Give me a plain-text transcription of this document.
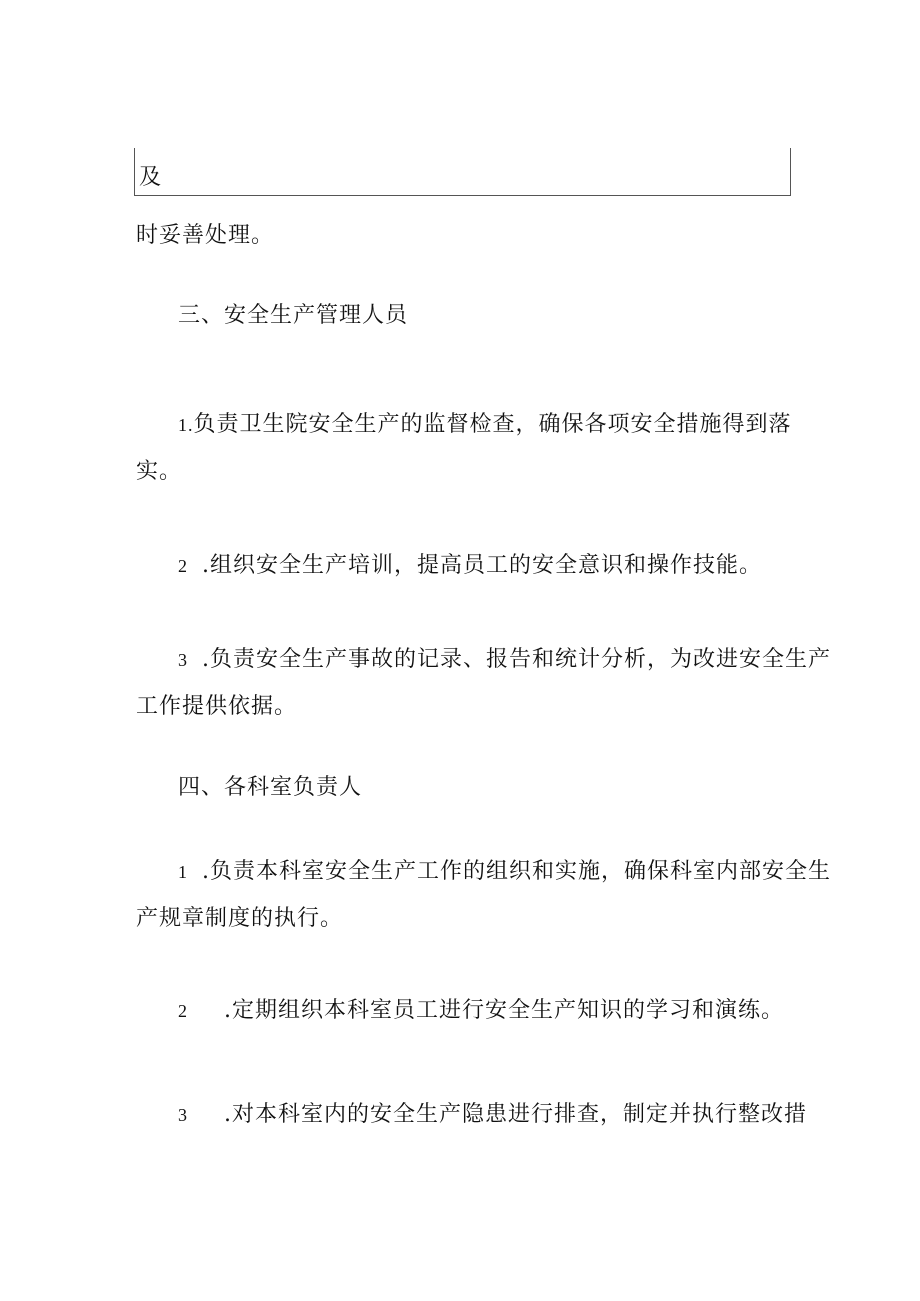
及
时妥善处理。
三、安全生产管理人员
1.负责卫生院安全生产的监督检查，确保各项安全措施得到落
实。
2 .组织安全生产培训，提高员工的安全意识和操作技能。
3 .负责安全生产事故的记录、报告和统计分析，为改进安全生产
工作提供依据。
四、各科室负责人
1 .负责本科室安全生产工作的组织和实施，确保科室内部安全生
产规章制度的执行。
2 .定期组织本科室员工进行安全生产知识的学习和演练。
3 .对本科室内的安全生产隐患进行排查，制定并执行整改措
